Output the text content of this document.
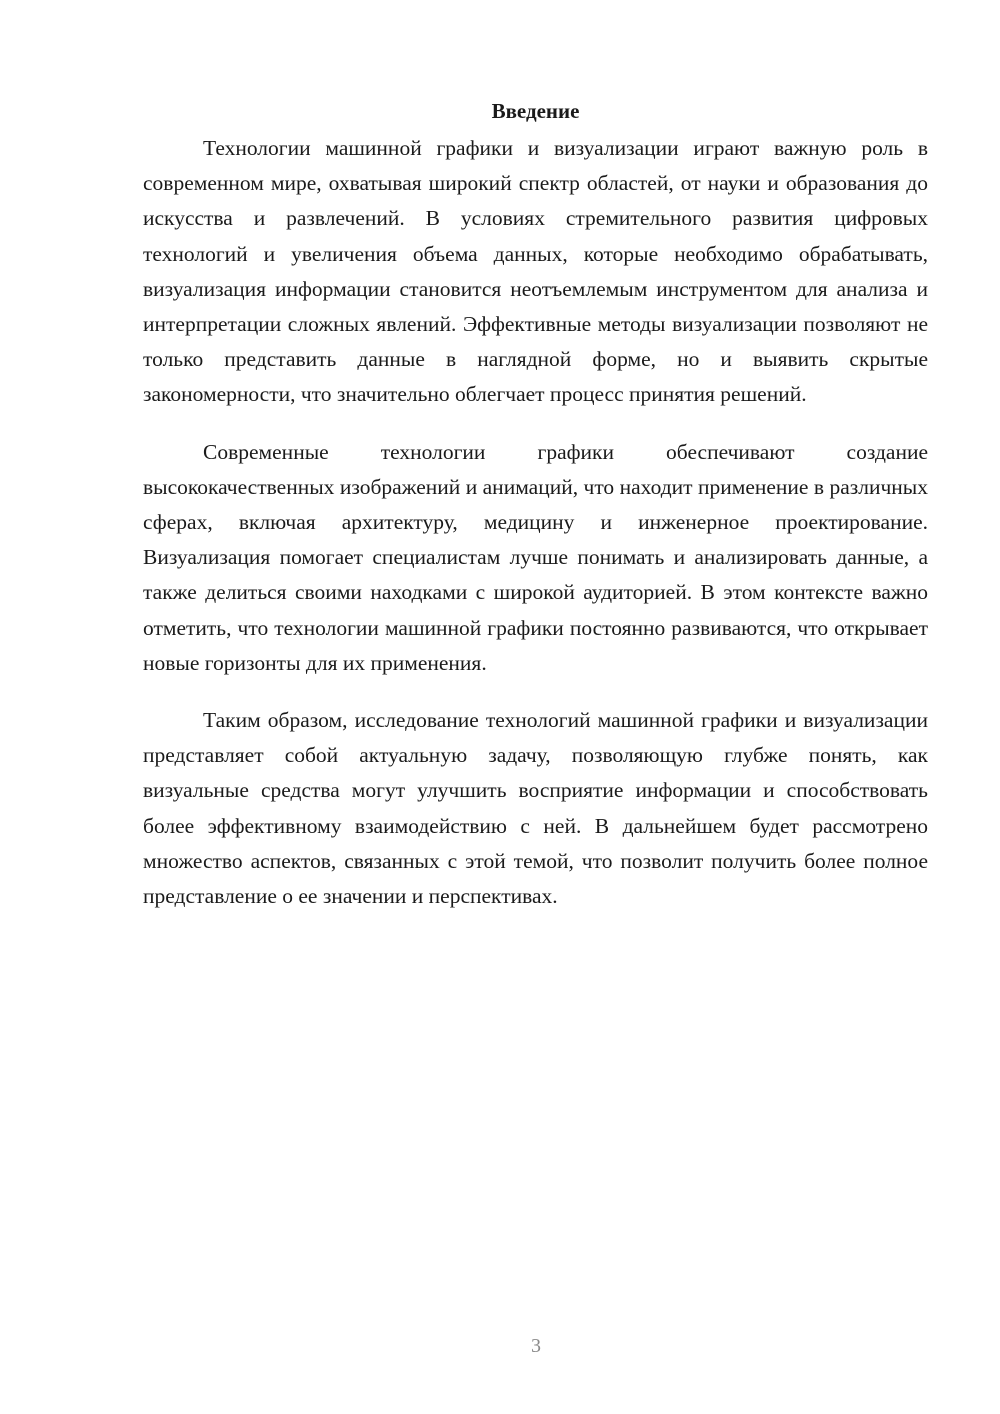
Введение

Технологии машинной графики и визуализации играют важную роль в современном мире, охватывая широкий спектр областей, от науки и образования до искусства и развлечений. В условиях стремительного развития цифровых технологий и увеличения объема данных, которые необходимо обрабатывать, визуализация информации становится неотъемлемым инструментом для анализа и интерпретации сложных явлений. Эффективные методы визуализации позволяют не только представить данные в наглядной форме, но и выявить скрытые закономерности, что значительно облегчает процесс принятия решений.

Современные технологии графики обеспечивают создание высококачественных изображений и анимаций, что находит применение в различных сферах, включая архитектуру, медицину и инженерное проектирование. Визуализация помогает специалистам лучше понимать и анализировать данные, а также делиться своими находками с широкой аудиторией. В этом контексте важно отметить, что технологии машинной графики постоянно развиваются, что открывает новые горизонты для их применения.

Таким образом, исследование технологий машинной графики и визуализации представляет собой актуальную задачу, позволяющую глубже понять, как визуальные средства могут улучшить восприятие информации и способствовать более эффективному взаимодействию с ней. В дальнейшем будет рассмотрено множество аспектов, связанных с этой темой, что позволит получить более полное представление о ее значении и перспективах.

3
